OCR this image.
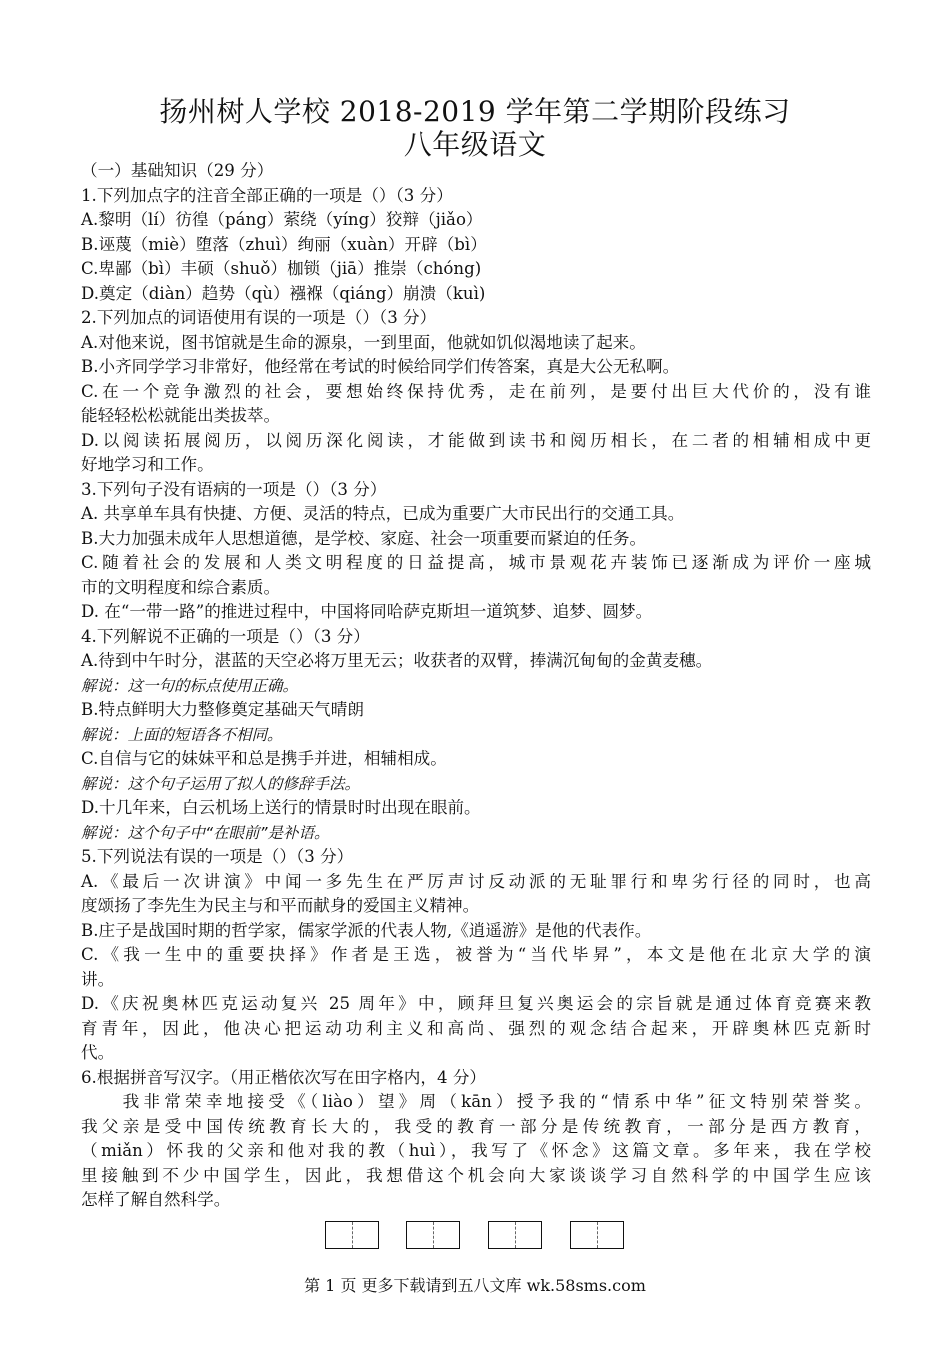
扬州树人学校 2018-2019 学年第二学期阶段练习
八年级语文
（一）基础知识（29 分）
1.下列加点字的注音全部正确的一项是（）（3 分）
A.黎明（lí）彷徨（páng）萦绕（yíng）狡辩（jiǎo）
B.诬蔑（miè）堕落（zhuì）绚丽（xuàn）开辟（bì）
C.卑鄙（bì）丰硕（shuǒ）枷锁（jiā）推崇（chóng)
D.奠定（diàn）趋势（qù）襁褓（qiáng）崩溃（kuì)
2.下列加点的词语使用有误的一项是（）（3 分）
A.对他来说，图书馆就是生命的源泉，一到里面，他就如饥似渴地读了起来。
B.小齐同学学习非常好，他经常在考试的时候给同学们传答案，真是大公无私啊。
C.在一个竞争激烈的社会，要想始终保持优秀，走在前列，是要付出巨大代价的，没有谁
能轻轻松松就能出类拔萃。
D.以阅读拓展阅历，以阅历深化阅读，才能做到读书和阅历相长，在二者的相辅相成中更
好地学习和工作。
3.下列句子没有语病的一项是（）（3 分）
A. 共享单车具有快捷、方便、灵活的特点，已成为重要广大市民出行的交通工具。
B.大力加强未成年人思想道德，是学校、家庭、社会一项重要而紧迫的任务。
C.随着社会的发展和人类文明程度的日益提高，城市景观花卉装饰已逐渐成为评价一座城
市的文明程度和综合素质。
D. 在“一带一路”的推进过程中，中国将同哈萨克斯坦一道筑梦、追梦、圆梦。
4.下列解说不正确的一项是（）（3 分）
A.待到中午时分，湛蓝的天空必将万里无云；收获者的双臂，捧满沉甸甸的金黄麦穗。
解说：这一句的标点使用正确。
B.特点鲜明大力整修奠定基础天气晴朗
解说：上面的短语各不相同。
C.自信与它的妹妹平和总是携手并进，相辅相成。
解说：这个句子运用了拟人的修辞手法。
D.十几年来，白云机场上送行的情景时时出现在眼前。
解说：这个句子中“在眼前”是补语。
5.下列说法有误的一项是（）（3 分）
A.《最后一次讲演》中闻一多先生在严厉声讨反动派的无耻罪行和卑劣行径的同时，也高
度颂扬了李先生为民主与和平而献身的爱国主义精神。
B.庄子是战国时期的哲学家，儒家学派的代表人物,《逍遥游》是他的代表作。
C.《我一生中的重要抉择》作者是王选，被誉为“当代毕昇”，本文是他在北京大学的演
讲。
D.《庆祝奥林匹克运动复兴 25 周年》中，顾拜旦复兴奥运会的宗旨就是通过体育竞赛来教
育青年，因此，他决心把运动功利主义和高尚、强烈的观念结合起来，开辟奥林匹克新时
代。
6.根据拼音写汉字。（用正楷依次写在田字格内，4 分）
　　我非常荣幸地接受《（liào）望》周（kān）授予我的“情系中华”征文特别荣誉奖。
我父亲是受中国传统教育长大的，我受的教育一部分是传统教育，一部分是西方教育，
（miǎn）怀我的父亲和他对我的教（huì），我写了《怀念》这篇文章。多年来，我在学校
里接触到不少中国学生，因此，我想借这个机会向大家谈谈学习自然科学的中国学生应该
怎样了解自然科学。
第 1 页 更多下载请到五八文库 wk.58sms.com
